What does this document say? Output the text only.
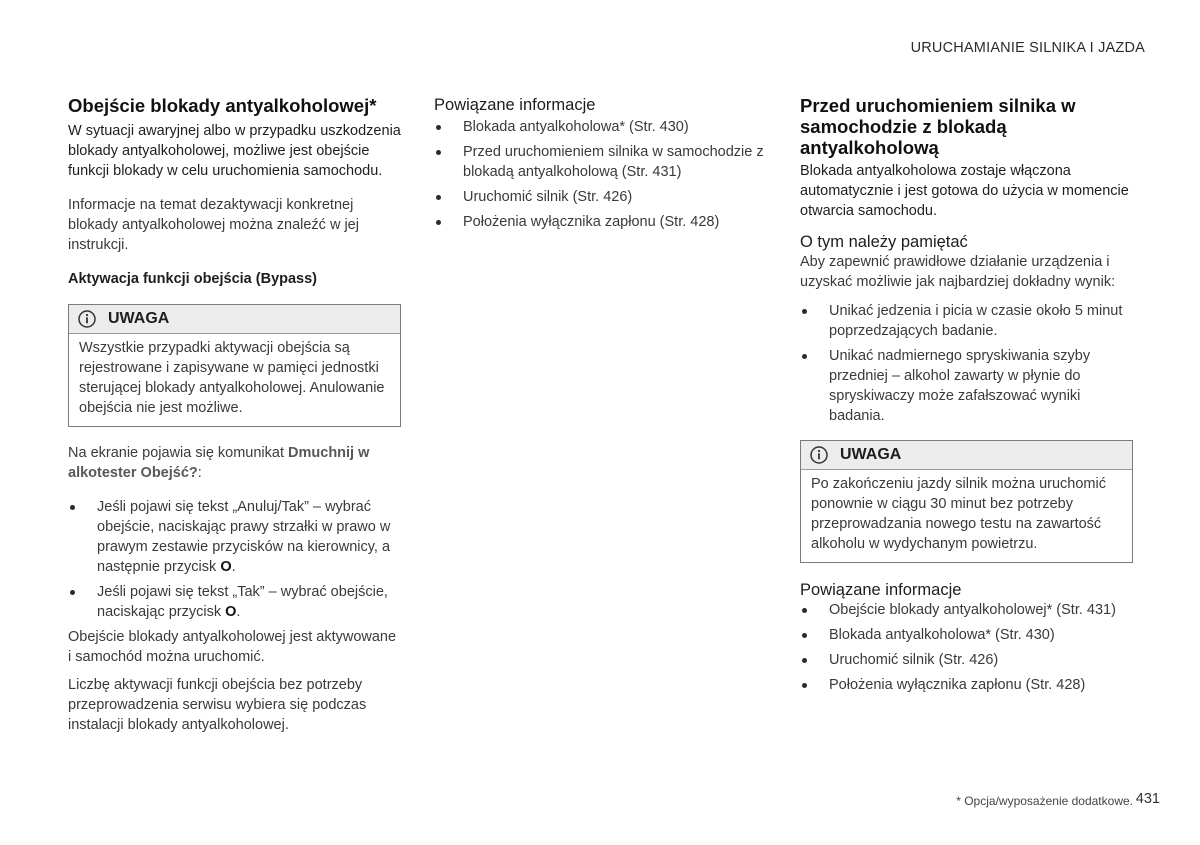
URUCHAMIANIE SILNIKA I JAZDA
Obejście blokady antyalkoholowej*

W sytuacji awaryjnej albo w przypadku uszkodzenia blokady antyalkoholowej, możliwe jest obejście funkcji blokady w celu uruchomienia samochodu.

Informacje na temat dezaktywacji konkretnej blokady antyalkoholowej można znaleźć w jej instrukcji.

Aktywacja funkcji obejścia (Bypass)

UWAGA
Wszystkie przypadki aktywacji obejścia są rejestrowane i zapisywane w pamięci jednostki sterującej blokady antyalkoholowej. Anulowanie obejścia nie jest możliwe.

Na ekranie pojawia się komunikat Dmuchnij w alkotester Obejść?:

Jeśli pojawi się tekst „Anuluj/Tak” – wybrać obejście, naciskając prawy strzałki w prawo w prawym zestawie przycisków na kierownicy, a następnie przycisk O.
Jeśli pojawi się tekst „Tak” – wybrać obejście, naciskając przycisk O.

Obejście blokady antyalkoholowej jest aktywowane i samochód można uruchomić.

Liczbę aktywacji funkcji obejścia bez potrzeby przeprowadzenia serwisu wybiera się podczas instalacji blokady antyalkoholowej.

Powiązane informacje
Blokada antyalkoholowa* (Str. 430)
Przed uruchomieniem silnika w samochodzie z blokadą antyalkoholową (Str. 431)
Uruchomić silnik (Str. 426)
Położenia wyłącznika zapłonu (Str. 428)
Przed uruchomieniem silnika w samochodzie z blokadą antyalkoholową

Blokada antyalkoholowa zostaje włączona automatycznie i jest gotowa do użycia w momencie otwarcia samochodu.

O tym należy pamiętać

Aby zapewnić prawidłowe działanie urządzenia i uzyskać możliwie jak najbardziej dokładny wynik:

Unikać jedzenia i picia w czasie około 5 minut poprzedzających badanie.
Unikać nadmiernego spryskiwania szyby przedniej – alkohol zawarty w płynie do spryskiwaczy może zafałszować wyniki badania.
UWAGA
Po zakończeniu jazdy silnik można uruchomić ponownie w ciągu 30 minut bez potrzeby przeprowadzania nowego testu na zawartość alkoholu w wydychanym powietrzu.
Powiązane informacje
Obejście blokady antyalkoholowej* (Str. 431)
Blokada antyalkoholowa* (Str. 430)
Uruchomić silnik (Str. 426)
Położenia wyłącznika zapłonu (Str. 428)
* Opcja/wyposażenie dodatkowe. 431
